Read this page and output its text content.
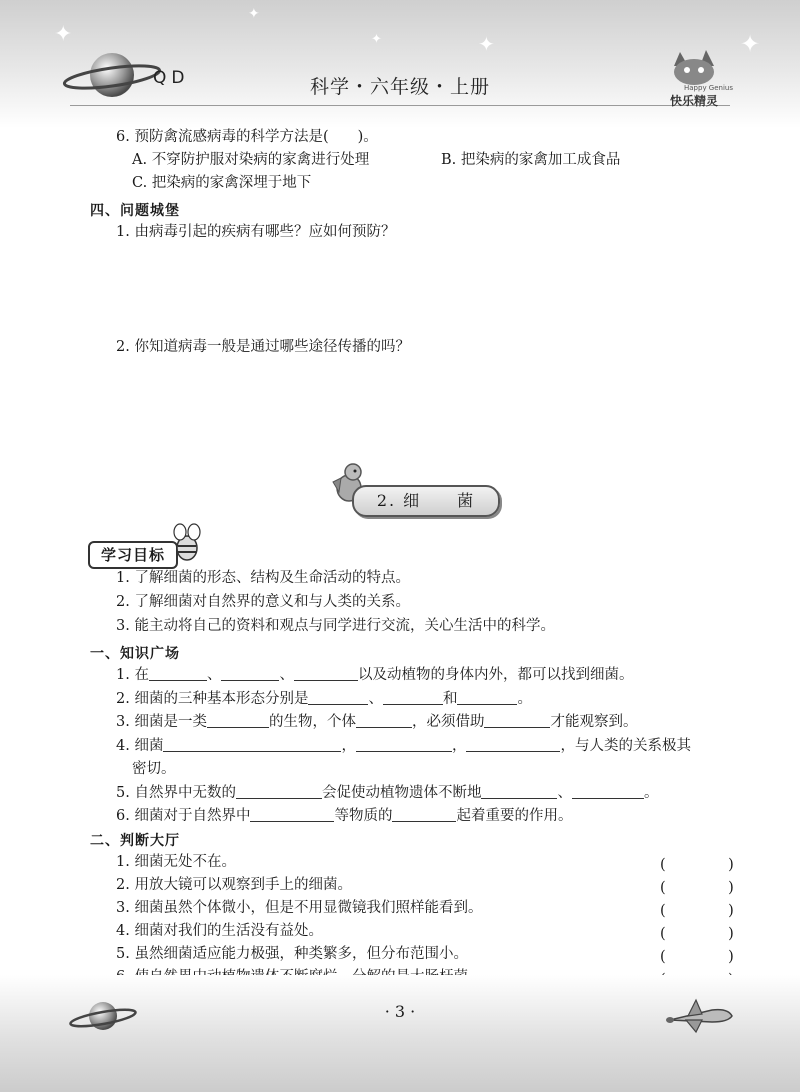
✦
✦
✦	✦	✦
QD	科学・六年级・上册	Happy Genius
快乐精灵
6. 预防禽流感病毒的科学方法是(　　)。
A. 不穿防护服对染病的家禽进行处理	B. 把染病的家禽加工成食品
C. 把染病的家禽深埋于地下
四、问题城堡
1. 由病毒引起的疾病有哪些？应如何预防？
2. 你知道病毒一般是通过哪些途径传播的吗？
2. 细　　菌
学习目标
1. 了解细菌的形态、结构及生命活动的特点。
2. 了解细菌对自然界的意义和与人类的关系。
3. 能主动将自己的资料和观点与同学进行交流，关心生活中的科学。
一、知识广场
1. 在	、	、	以及动植物的身体内外，都可以找到细菌。
2. 细菌的三种基本形态分别是	、	和	。
3. 细菌是一类	的生物，个体	，必须借助	才能观察到。
4. 细菌	，	，	，与人类的关系极其
密切。
5. 自然界中无数的	会促使动植物遗体不断地	、	。
6. 细菌对于自然界中	等物质的	起着重要的作用。
二、判断大厅
1. 细菌无处不在。	(　)
2. 用放大镜可以观察到手上的细菌。	(　)
3. 细菌虽然个体微小，但是不用显微镜我们照样能看到。	(　)
4. 细菌对我们的生活没有益处。	(　)
5. 虽然细菌适应能力极强，种类繁多，但分布范围小。	(　)
· 3 ·
